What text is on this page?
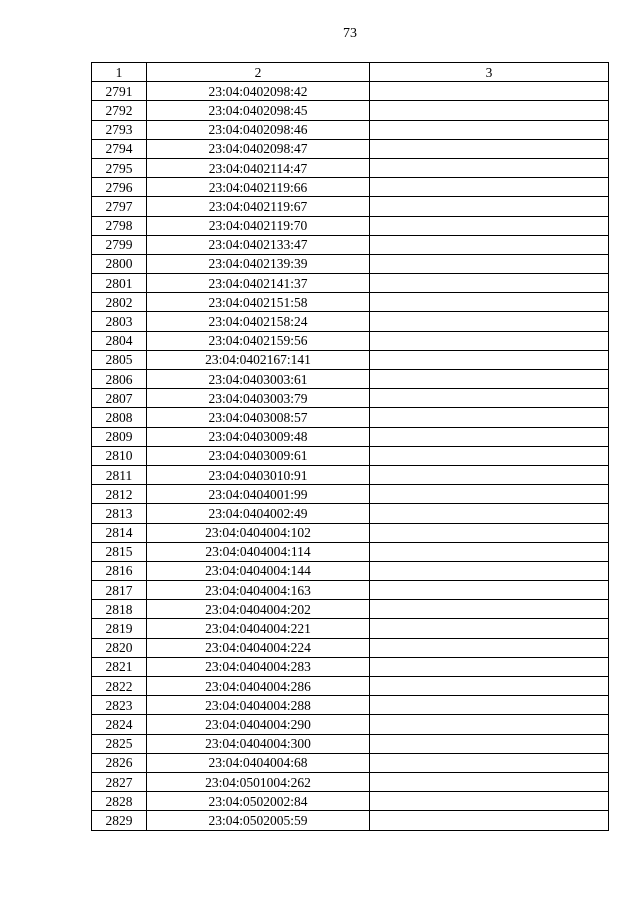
73
1	2	3
2791	23:04:0402098:42	
2792	23:04:0402098:45	
2793	23:04:0402098:46	
2794	23:04:0402098:47	
2795	23:04:0402114:47	
2796	23:04:0402119:66	
2797	23:04:0402119:67	
2798	23:04:0402119:70	
2799	23:04:0402133:47	
2800	23:04:0402139:39	
2801	23:04:0402141:37	
2802	23:04:0402151:58	
2803	23:04:0402158:24	
2804	23:04:0402159:56	
2805	23:04:0402167:141	
2806	23:04:0403003:61	
2807	23:04:0403003:79	
2808	23:04:0403008:57	
2809	23:04:0403009:48	
2810	23:04:0403009:61	
2811	23:04:0403010:91	
2812	23:04:0404001:99	
2813	23:04:0404002:49	
2814	23:04:0404004:102	
2815	23:04:0404004:114	
2816	23:04:0404004:144	
2817	23:04:0404004:163	
2818	23:04:0404004:202	
2819	23:04:0404004:221	
2820	23:04:0404004:224	
2821	23:04:0404004:283	
2822	23:04:0404004:286	
2823	23:04:0404004:288	
2824	23:04:0404004:290	
2825	23:04:0404004:300	
2826	23:04:0404004:68	
2827	23:04:0501004:262	
2828	23:04:0502002:84	
2829	23:04:0502005:59	
